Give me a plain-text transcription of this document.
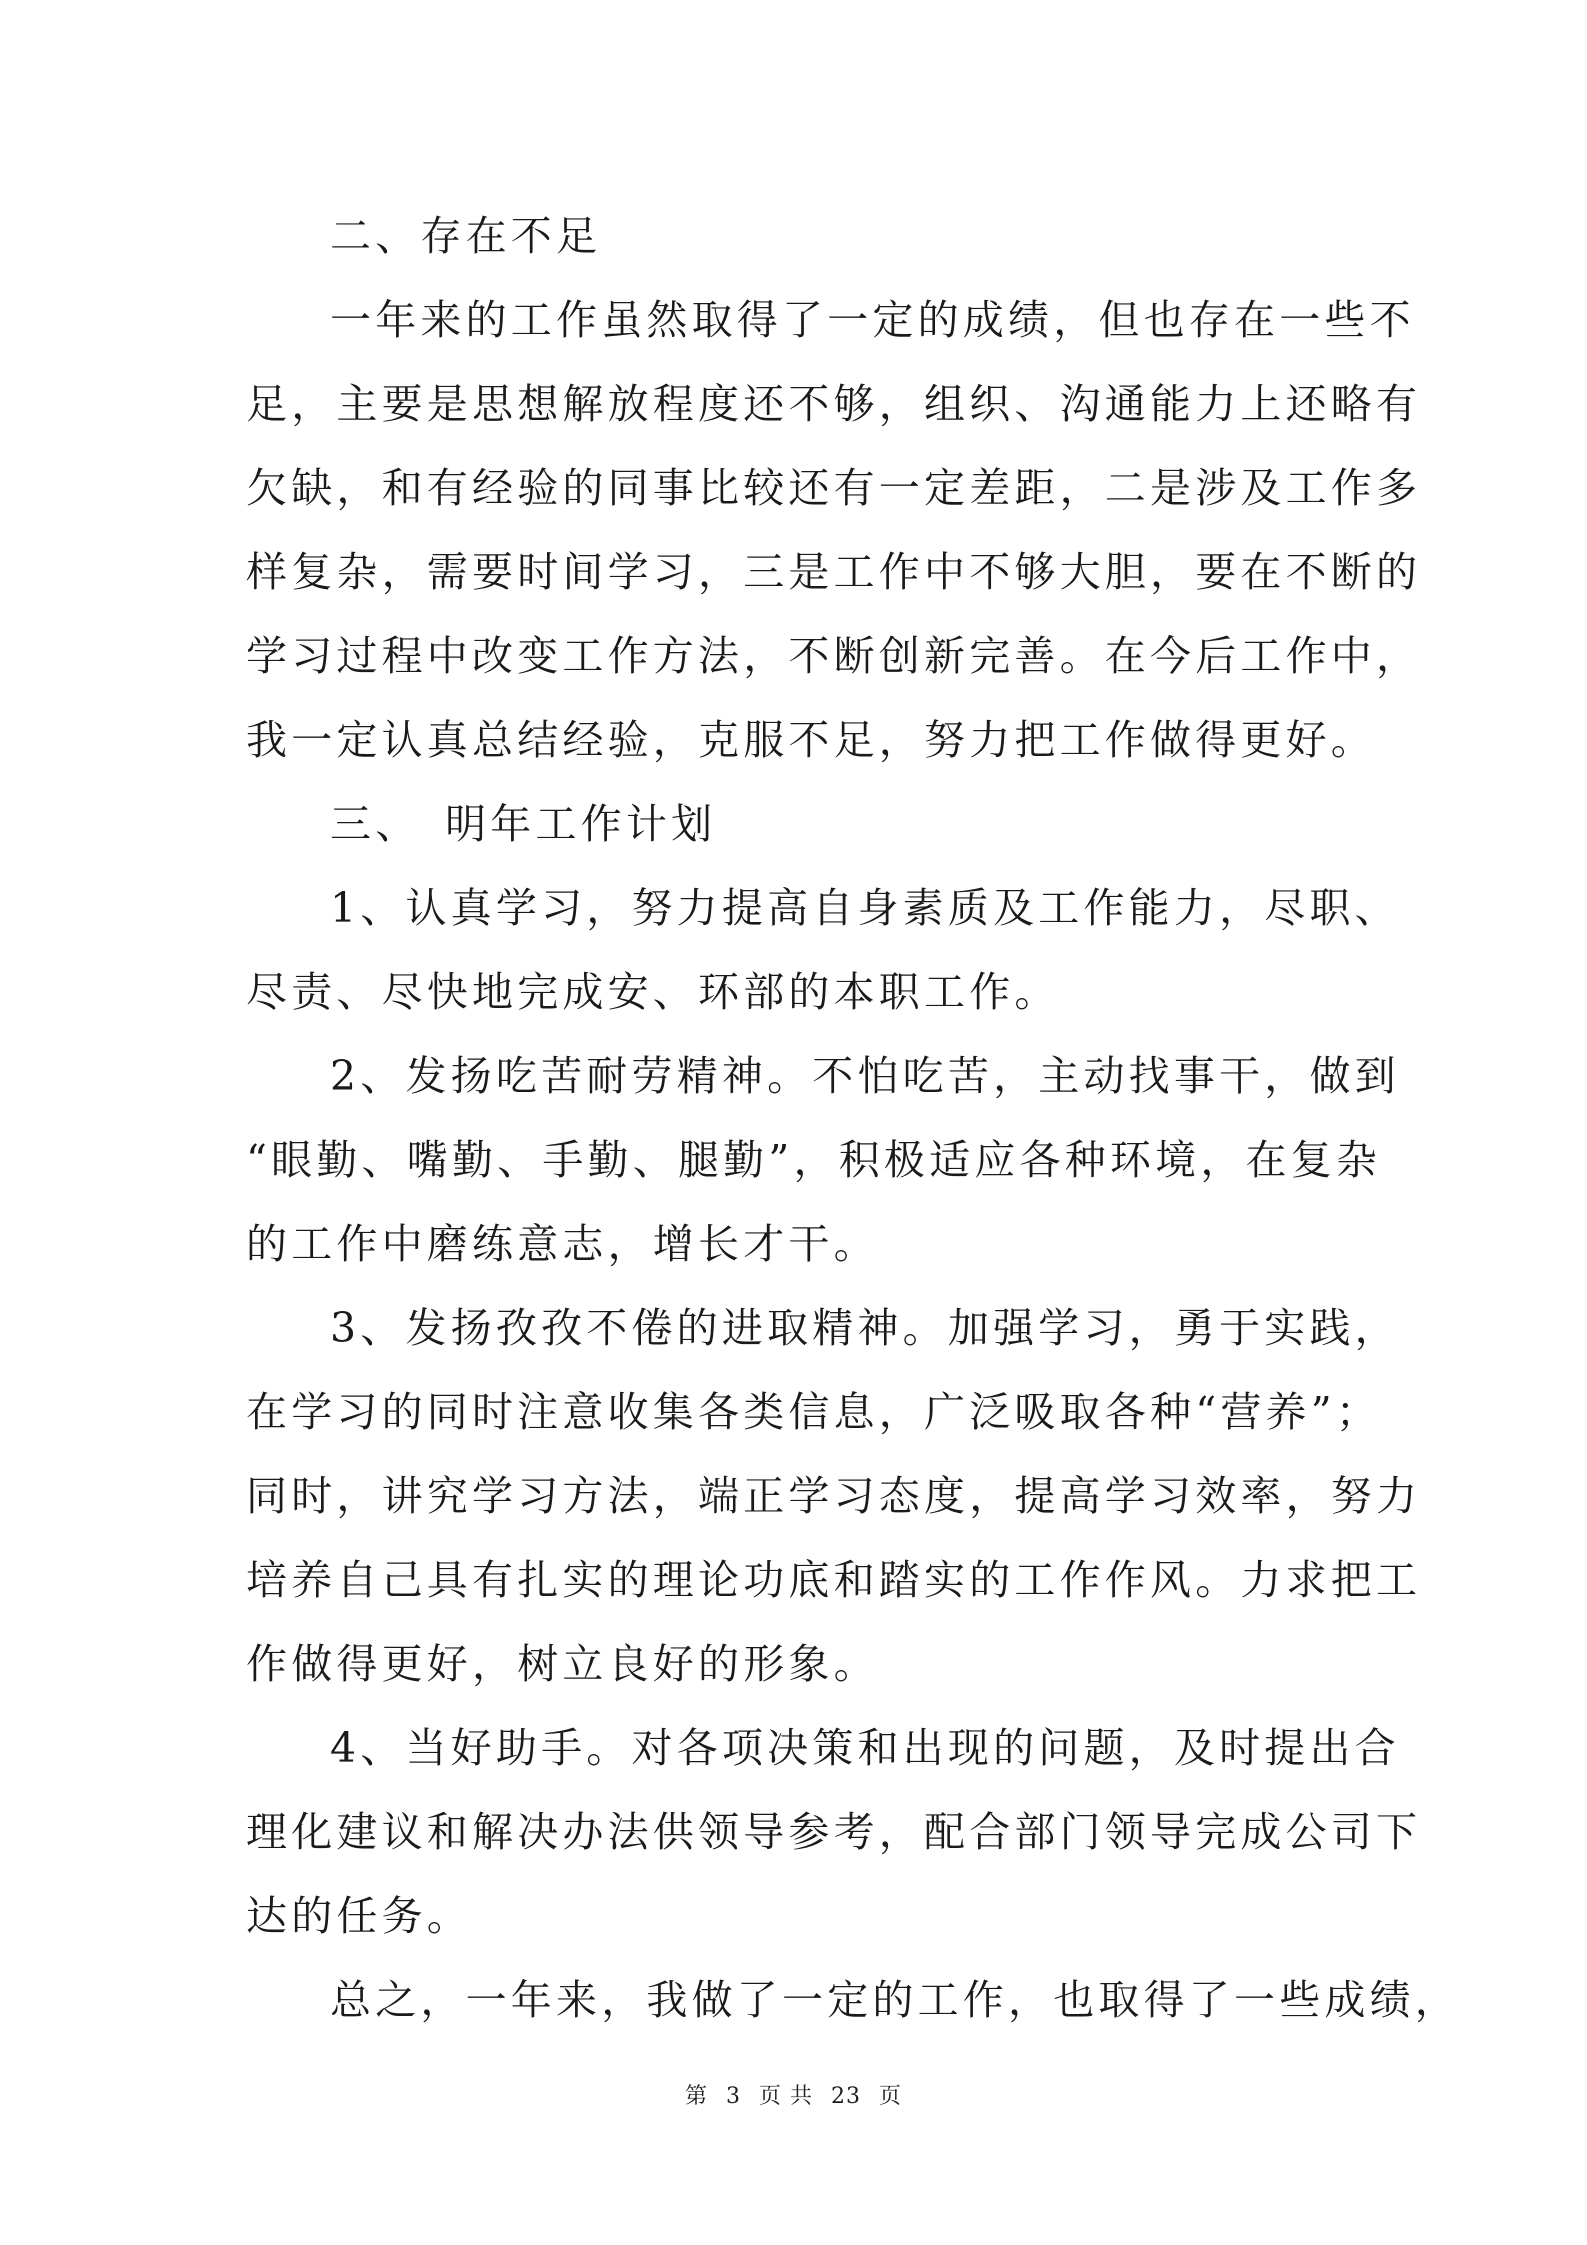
二、存在不足
一年来的工作虽然取得了一定的成绩，但也存在一些不
足，主要是思想解放程度还不够，组织、沟通能力上还略有
欠缺，和有经验的同事比较还有一定差距，二是涉及工作多
样复杂，需要时间学习，三是工作中不够大胆，要在不断的
学习过程中改变工作方法，不断创新完善。在今后工作中，
我一定认真总结经验，克服不足，努力把工作做得更好。
三、　明年工作计划
1、认真学习，努力提高自身素质及工作能力，尽职、
尽责、尽快地完成安、环部的本职工作。
2、发扬吃苦耐劳精神。不怕吃苦，主动找事干，做到
“眼勤、嘴勤、手勤、腿勤”，积极适应各种环境，在复杂
的工作中磨练意志，增长才干。
3、发扬孜孜不倦的进取精神。加强学习，勇于实践，
在学习的同时注意收集各类信息，广泛吸取各种“营养”；
同时，讲究学习方法，端正学习态度，提高学习效率，努力
培养自己具有扎实的理论功底和踏实的工作作风。力求把工
作做得更好，树立良好的形象。
4、当好助手。对各项决策和出现的问题，及时提出合
理化建议和解决办法供领导参考，配合部门领导完成公司下
达的任务。
总之，一年来，我做了一定的工作，也取得了一些成绩，
第 3 页 共 23 页
